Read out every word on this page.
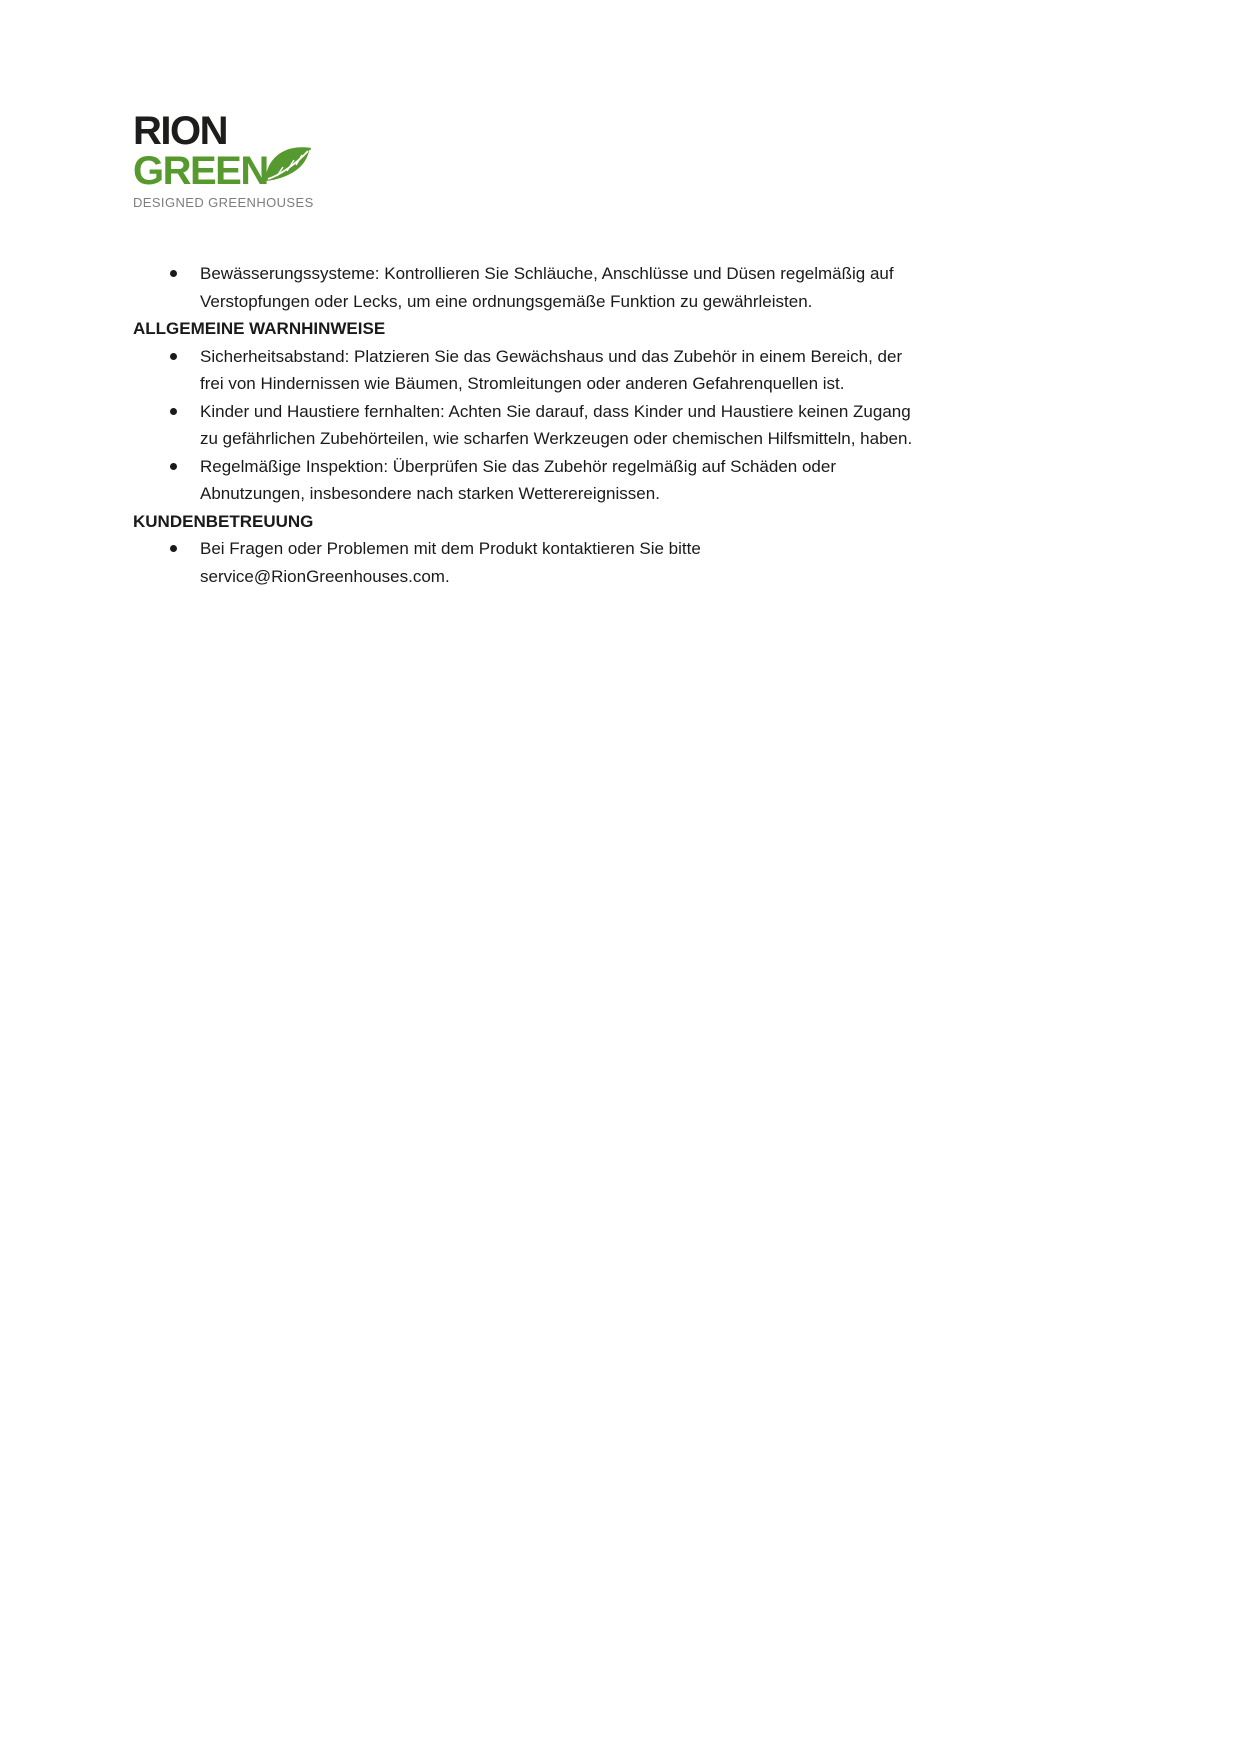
RION
GREEN
DESIGNED GREENHOUSES
Bewässerungssysteme: Kontrollieren Sie Schläuche, Anschlüsse und Düsen regelmäßig auf Verstopfungen oder Lecks, um eine ordnungsgemäße Funktion zu gewährleisten.
ALLGEMEINE WARNHINWEISE
Sicherheitsabstand: Platzieren Sie das Gewächshaus und das Zubehör in einem Bereich, der frei von Hindernissen wie Bäumen, Stromleitungen oder anderen Gefahrenquellen ist.
Kinder und Haustiere fernhalten: Achten Sie darauf, dass Kinder und Haustiere keinen Zugang zu gefährlichen Zubehörteilen, wie scharfen Werkzeugen oder chemischen Hilfsmitteln, haben.
Regelmäßige Inspektion: Überprüfen Sie das Zubehör regelmäßig auf Schäden oder Abnutzungen, insbesondere nach starken Wetterereignissen.
KUNDENBETREUUNG
Bei Fragen oder Problemen mit dem Produkt kontaktieren Sie bitte service@RionGreenhouses.com.
